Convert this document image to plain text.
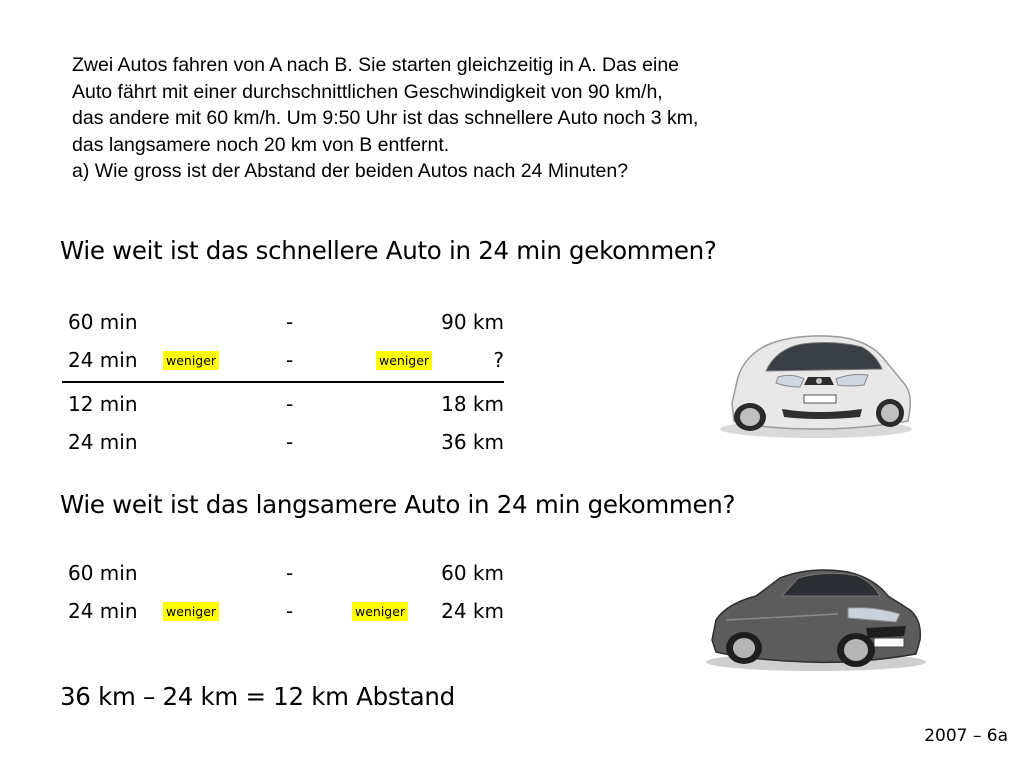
Zwei Autos fahren von A nach B. Sie starten gleichzeitig in A. Das eine
Auto fährt mit einer durchschnittlichen Geschwindigkeit von 90 km/h,
das andere mit 60 km/h. Um 9:50 Uhr ist das schnellere Auto noch 3 km,
das langsamere noch 20 km von B entfernt.
a) Wie gross ist der Abstand der beiden Autos nach 24 Minuten?
Wie weit ist das schnellere Auto in 24 min gekommen?
60 min	-	90 km
24 min weniger	-	weniger	?
12 min	-	18 km
24 min	-	36 km
Wie weit ist das langsamere Auto in 24 min gekommen?
60 min	-	60 km
24 min weniger	-	weniger 24 km
36 km – 24 km = 12 km Abstand
2007 – 6a
